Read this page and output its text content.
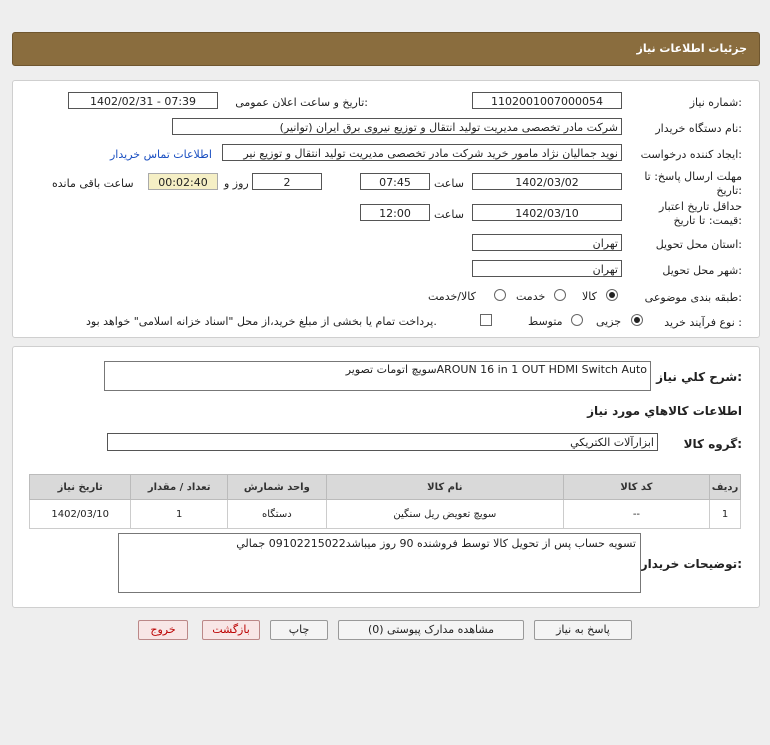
جزئیات اطلاعات نیاز
شماره نیاز:
1102001007000054
تاریخ و ساعت اعلان عمومی:
1402/02/31 - 07:39
نام دستگاه خریدار:
شرکت مادر تخصصی مدیریت تولید انتقال و توزیع نیروی برق ایران (توانیر)
ایجاد کننده درخواست:
نوید جمالیان نژاد مامور خرید شرکت مادر تخصصی مدیریت تولید انتقال و توزیع نیر
اطلاعات تماس خریدار
مهلت ارسال پاسخ: تا
تاریخ:
1402/03/02
ساعت
07:45
2
روز و
00:02:40
ساعت باقی مانده
حداقل تاریخ اعتبار
قیمت: تا تاریخ:
1402/03/10
ساعت
12:00
استان محل تحویل:
تهران
شهر محل تحویل:
تهران
طبقه بندی موضوعی:
کالا
خدمت
کالا/خدمت
نوع فرآیند خرید :
جزیی
متوسط
پرداخت تمام یا بخشی از مبلغ خرید،از محل "اسناد خزانه اسلامی" خواهد بود.
شرح کلي نياز:
سويچ اتومات تصويرAROUN 16 in 1 OUT HDMI Switch Auto
اطلاعات کالاهاي مورد نياز
گروه کالا:
ابزارآلات الکتريکي
تاریخ نیاز	تعداد / مقدار	واحد شمارش	نام کالا	کد کالا	رديف
1402/03/10	1	دستگاه	سويچ تعويض ريل سنگين	--	1
توضیحات خریدار:
تسويه حساب پس از تحويل کالا توسط فروشنده 90 روز ميباشد09102215022 جمالي
پاسخ به نیاز
مشاهده مدارک پیوستی (0)
چاپ
بازگشت
خروج
